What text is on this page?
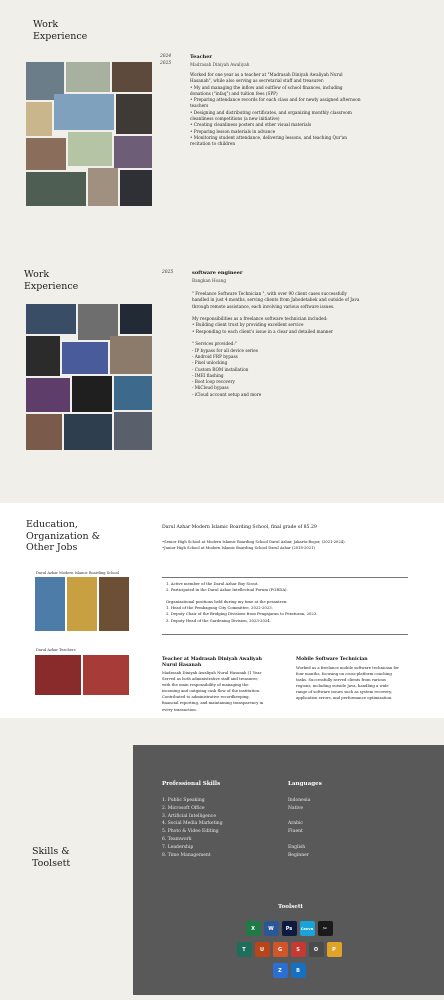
Work
Experience
2024
2025
Teacher
Madrasah Diniyah Awaliyah
Worked for one year as a teacher at "Madrasah Diniyah Awaliyah Nurul
Hasanah", while also serving as secretarial staff and treasurer:
• My and managing the inflow and outflow of school finances, including
donations ("infaq") and tuition fees (SPP)
• Preparing attendance records for each class and for newly assigned afternoon
teachers
• Designing and distributing certificates, and organizing monthly classroom
cleanliness competitions (a new initiative)
• Creating cleanliness posters and other visual materials
• Preparing lesson materials in advance
• Monitoring student attendance, delivering lessons, and teaching Qur'an
recitation to children
Work
Experience
2025	software engineer
Bangkan Hoang
" Freelance Software Technician ", with over 90 client cases successfully
handled in just 4 months, serving clients from Jabodetabek and outside of Java
through remote assistance, each involving various software issues.

My responsibilities as a freelance software technician included:
• Building client trust by providing excellent service
• Responding to each client's issue in a clear and detailed manner

" Services provided:"
- IP bypass for all device series
- Android FRP bypass
- Pixel unlocking
- Custom ROM installation
- IMEI flashing
- Boot loop recovery
- MiCloud bypass
- iCloud account setup and more
Education,
Organization &
Other Jobs
Darul Azhar Modern Islamic Boarding School, final grade of 85.29
•Senior High School at Modern Islamic Boarding School Darul Azhar, Jakarta-Bogor, (2021-2024).
•Junior High School at Modern Islamic Boarding School Darul Azhar (2018-2021)
Darul Azhar Modern Islamic Boarding School
1. Active member of the Darul Azhar Boy Scout.
2. Participated in the Darul Azhar Intellectual Forum (FORDA).

Organizational positions held during my time at the pesantren:
1. Head of the Pembagung City Committee, 2022-2023.
2. Deputy Chair of the Bridging Divisions from Pengajaran to Peraturan, 2023.
3. Deputy Head of the Gardening Division, 2023-2024.
Darul Azhar Teachers
Teacher at Madrasah Diniyah Awaliyah
Nurul Hasanah
Madrasah Diniyah Awaliyah Nurul Hasanah (1 Year
Served as both administrative staff and treasurer,
with the main responsibility of managing the
incoming and outgoing cash flow of the institution.
Contributed to administrative recordkeeping,
financial reporting, and maintaining transparency in
every transaction.
Mobile Software Technician
Worked as a freelance mobile software technician for
four months, focusing on cross-platform coaching
tasks. Successfully served clients from various
regions, including outside Java, handling a wide
range of software issues such as system recovery,
application errors, and performance optimization.
Skills &
Toolsett
Professional Skills
1. Public Speaking
2. Microsoft Office
3. Artificial Intelligence
4. Social Media Marketing
5. Photo & Video Editing
6. Teamwork
7. Leadership
8. Time Management
Languages
Indonesia
Native

Arabic
Fluent

English
Beginner
Toolsett
X	W	Ps	Canva	✂
T	U	G	S	O	P
Z	B
